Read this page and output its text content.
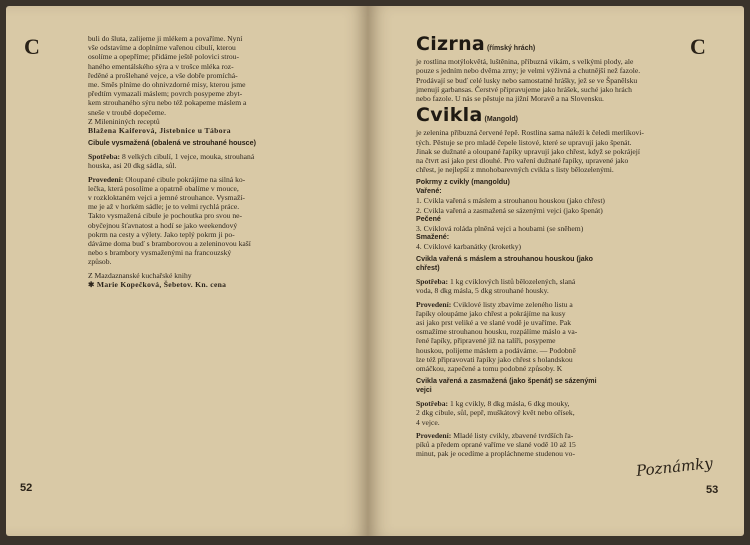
C	buli do šluta, zalijeme ji mlékem a povaříme. Nyní
vše odstavíme a doplníme vařenou cibulí, kterou
osolíme a opepříme; přidáme ještě polovici strou-
haného ementálského sýra a v trošce mléka roz-
ředěné a prošlehané vejce, a vše dobře promíchá-
me. Směs plníme do ohnivzdorné misy, kterou jsme
předtím vymazali máslem; povrch posypeme zbyt-
kem strouhaného sýru nebo též pokapeme máslem a
sneše v troubě dopečeme.
Z Milenininých receptů
Blažena Kaiferová, Jistebnice u Tábora
Cibule vysmažená (obalená ve strouhané housce)
Spotřeba: 8 velkých cibulí, 1 vejce, mouka, strouhaná
houska, asi 20 dkg sádla, sůl.
Provedení: Oloupané cibule pokrájíme na silná ko-
lečka, která posolíme a opatrně obalíme v mouce,
v rozkloktaném vejci a jemné strouhance. Vysmaží-
me je až v horkém sádle; je to velmi rychlá práce.
Takto vysmažená cibule je pochoutka pro svou ne-
obyčejnou šťavnatost a hodí se jako weekendový
pokrm na cesty a výlety. Jako teplý pokrm ji po-
dáváme doma buď s bramborovou a zeleninovou kaší
nebo s brambory vysmaženými na francouzský
způsob.
Z Mazdaznanské kuchařské knihy
✱ Marie Kopečková, Šebetov. Kn. cena
52
C
Cizrna (římský hrách)
je rostlina motýlokvětá, luštěnina, příbuzná vikám, s velkými plody, ale
pouze s jedním nebo dvěma zrny; je velmi výživná a chutnější než fazole.
Prodávají se buď celé lusky nebo samostatné hrášky, jež se ve Španělsku
jmenují garbansas. Čerstvé připravujeme jako hrášek, suché jako hrách
nebo fazole. U nás se pěstuje na jižní Moravě a na Slovensku.
Cvikla (Mangold)
je zelenina příbuzná červené řepě. Rostlina sama náleží k čeledi merlíkovi-
tých. Pěstuje se pro mladé čepele listové, které se upravují jako špenát.
Jinak se dužnaté a oloupané řapíky upravují jako chřest, když se pokrájejí
na čtvrt asi jako prst dlouhé. Pro vaření dužnaté řapíky, upravené jako
chřest, je nejlepší z mnohobarevných cvikla s listy bělozelenými.
Pokrmy z cvikly (mangoldu)
Vařené:
1. Cvikla vařená s máslem a strouhanou houskou (jako chřest)
2. Cvikla vařená a zasmažená se sázenými vejci (jako špenát)
Pečené
3. Cviklová roláda plněná vejci a houbami (se sněhem)
Smažené:
4. Cviklové karbanátky (kroketky)
Cvikla vařená s máslem a strouhanou houskou (jako
chřest)
Spotřeba: 1 kg cviklových listů bělozelených, slaná
voda, 8 dkg másla, 5 dkg strouhané housky.
Provedení: Cviklové listy zbavíme zeleného listu a
řapíky oloupáme jako chřest a pokrájíme na kusy
asi jako prst veliké a ve slané vodě je uvaříme. Pak
osmažíme strouhanou housku, rozpálíme máslo a va-
řené řapíky, připravené již na talíři, posypeme
houskou, polijeme máslem a podáváme. — Podobně
lze též připravovati řapíky jako chřest s holandskou
omáčkou, zapečené a tomu podobné způsoby. K
Cvikla vařená a zasmažená (jako špenát) se sázenými
vejci
Spotřeba: 1 kg cvikly, 8 dkg másla, 6 dkg mouky,
2 dkg cibule, sůl, pepř, muškátový květ nebo ořísek,
4 vejce.
Provedení: Mladé listy cvikly, zbavené tvrdších řa-
píků a předem oprané vaříme ve slané vodě 10 až 15
minut, pak je ocedíme a propláchneme studenou vo-
Poznámky
53
